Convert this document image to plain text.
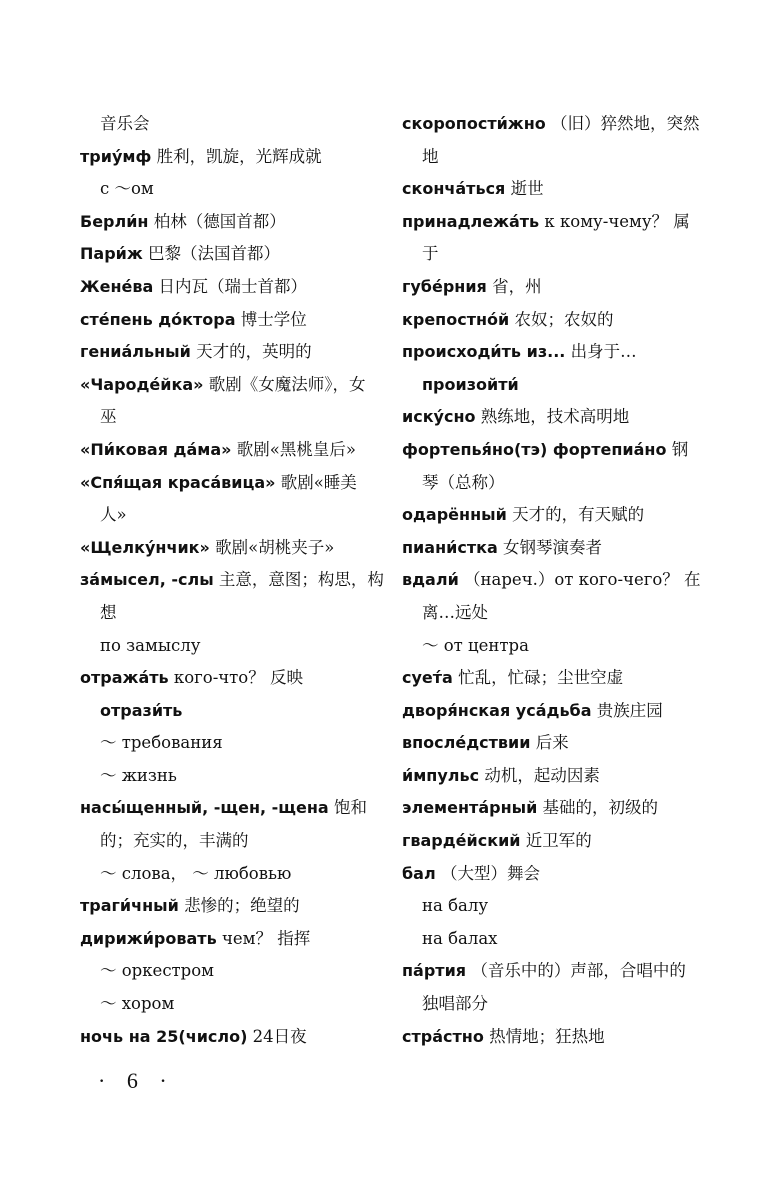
音乐会
триу́мф 胜利，凯旋，光辉成就
с ～ом
Берли́н 柏林（德国首都）
Пари́ж 巴黎（法国首都）
Жене́ва 日内瓦（瑞士首都）
сте́пень до́ктора 博士学位
гениа́льный 天才的，英明的
«Чароде́йка» 歌剧《女魔法师》，女
巫
«Пи́ковая да́ма» 歌剧«黑桃皇后»
«Спя́щая краса́вица» 歌剧«睡美
人»
«Щелку́нчик» 歌剧«胡桃夹子»
за́мысел, -слы 主意，意图；构思，构
想
по замыслу
отража́ть кого-что？ 反映
отрази́ть
～ требования
～ жизнь
насы́щенный, -щен, -щена 饱和
的；充实的，丰满的
～ слова， ～ любовью
траги́чный 悲惨的；绝望的
дирижи́ровать чем？ 指挥
～ оркестром
～ хором
ночь на 25(число) 24日夜
скоропости́жно （旧）猝然地，突然
地
скончáться 逝世
принадлежа́ть к кому-чему？ 属
于
губе́рния 省，州
крепостно́й 农奴；农奴的
происходи́ть из... 出身于…
произойти́
иску́сно 熟练地，技术高明地
фортепья́но(тэ) фортепиа́но 钢
琴（总称）
одарённый 天才的，有天赋的
пиани́стка 女钢琴演奏者
вдали́ （нареч.）от кого-чего？ 在
离…远处
～ от центра
сует́а 忙乱，忙碌；尘世空虚
дворя́нская уса́дьба 贵族庄园
впосле́дствии 后来
и́мпульс 动机，起动因素
элемента́рный 基础的，初级的
гварде́йский 近卫军的
бал （大型）舞会
на балу
на балах
па́ртия （音乐中的）声部，合唱中的
独唱部分
стра́стно 热情地；狂热地
· 6 ·
